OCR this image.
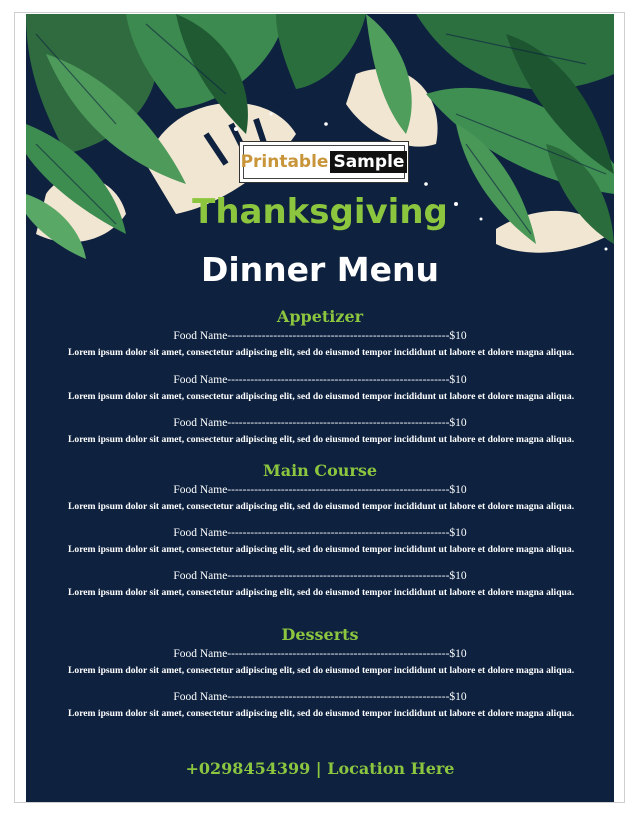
Printable Sample
Thanksgiving
Dinner Menu
Appetizer
Food Name----------------------------------------------------------$10
Lorem ipsum dolor sit amet, consectetur adipiscing elit, sed do eiusmod tempor incididunt ut labore et dolore magna aliqua.
Food Name----------------------------------------------------------$10
Lorem ipsum dolor sit amet, consectetur adipiscing elit, sed do eiusmod tempor incididunt ut labore et dolore magna aliqua.
Food Name----------------------------------------------------------$10
Lorem ipsum dolor sit amet, consectetur adipiscing elit, sed do eiusmod tempor incididunt ut labore et dolore magna aliqua.
Main Course
Food Name----------------------------------------------------------$10
Lorem ipsum dolor sit amet, consectetur adipiscing elit, sed do eiusmod tempor incididunt ut labore et dolore magna aliqua.
Food Name----------------------------------------------------------$10
Lorem ipsum dolor sit amet, consectetur adipiscing elit, sed do eiusmod tempor incididunt ut labore et dolore magna aliqua.
Food Name----------------------------------------------------------$10
Lorem ipsum dolor sit amet, consectetur adipiscing elit, sed do eiusmod tempor incididunt ut labore et dolore magna aliqua.
Desserts
Food Name----------------------------------------------------------$10
Lorem ipsum dolor sit amet, consectetur adipiscing elit, sed do eiusmod tempor incididunt ut labore et dolore magna aliqua.
Food Name----------------------------------------------------------$10
Lorem ipsum dolor sit amet, consectetur adipiscing elit, sed do eiusmod tempor incididunt ut labore et dolore magna aliqua.
+0298454399 | Location Here
